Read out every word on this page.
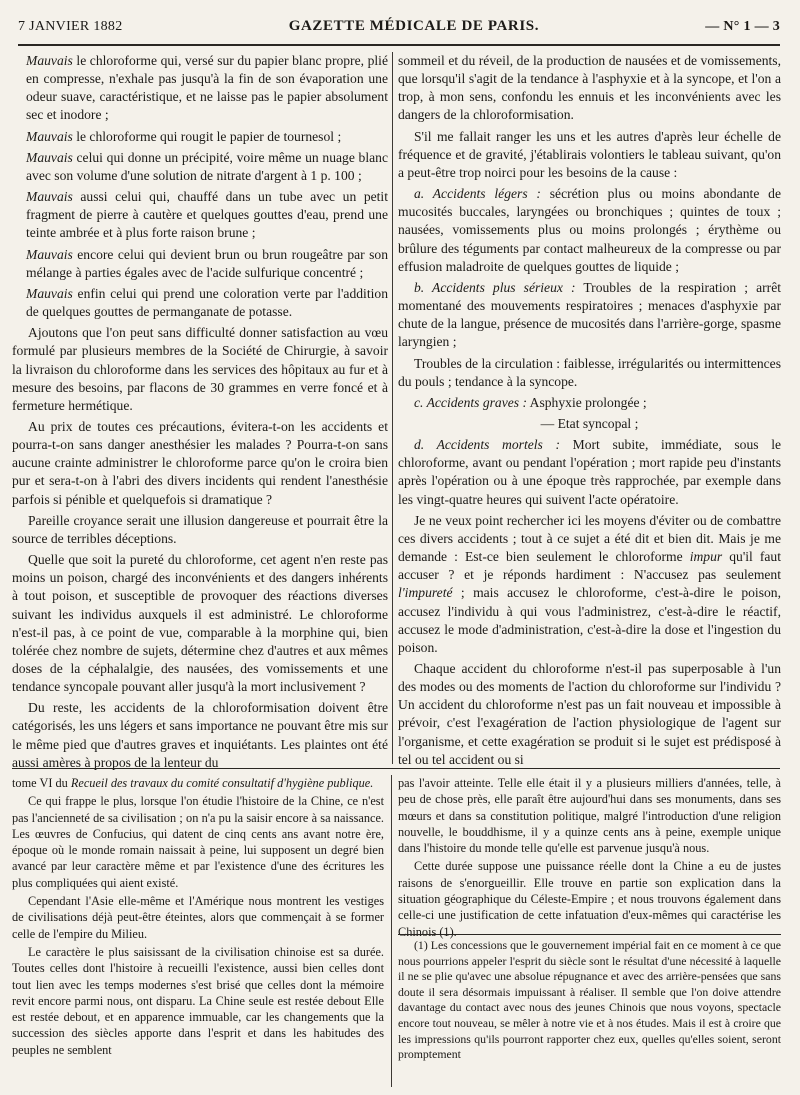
7 JANVIER 1882	GAZETTE MÉDICALE DE PARIS.	— N° 1 — 3

Mauvais le chloroforme qui, versé sur du papier blanc propre, plié en compresse, n'exhale pas jusqu'à la fin de son évaporation une odeur suave, caractéristique, et ne laisse pas le papier absolument sec et inodore ;

Mauvais le chloroforme qui rougit le papier de tournesol ;

Mauvais celui qui donne un précipité, voire même un nuage blanc avec son volume d'une solution de nitrate d'argent à 1 p. 100 ;

Mauvais aussi celui qui, chauffé dans un tube avec un petit fragment de pierre à cautère et quelques gouttes d'eau, prend une teinte ambrée et à plus forte raison brune ;

Mauvais encore celui qui devient brun ou brun rougeâtre par son mélange à parties égales avec de l'acide sulfurique concentré ;

Mauvais enfin celui qui prend une coloration verte par l'addition de quelques gouttes de permanganate de potasse.

Ajoutons que l'on peut sans difficulté donner satisfaction au vœu formulé par plusieurs membres de la Société de Chirurgie, à savoir la livraison du chloroforme dans les services des hôpitaux au fur et à mesure des besoins, par flacons de 30 grammes en verre foncé et à fermeture hermétique.

Au prix de toutes ces précautions, évitera-t-on les accidents et pourra-t-on sans danger anesthésier les malades ? Pourra-t-on sans aucune crainte administrer le chloroforme parce qu'on le croira bien pur et sera-t-on à l'abri des divers incidents qui rendent l'anesthésie parfois si pénible et quelquefois si dramatique ?

Pareille croyance serait une illusion dangereuse et pourrait être la source de terribles déceptions.

Quelle que soit la pureté du chloroforme, cet agent n'en reste pas moins un poison, chargé des inconvénients et des dangers inhérents à tout poison, et susceptible de provoquer des réactions diverses suivant les individus auxquels il est administré. Le chloroforme n'est-il pas, à ce point de vue, comparable à la morphine qui, bien tolérée chez nombre de sujets, détermine chez d'autres et aux mêmes doses de la céphalalgie, des nausées, des vomissements et une tendance syncopale pouvant aller jusqu'à la mort inclusivement ?

Du reste, les accidents de la chloroformisation doivent être catégorisés, les uns légers et sans importance ne pouvant être mis sur le même pied que d'autres graves et inquiétants. Les plaintes ont été aussi amères à propos de la lenteur du

sommeil et du réveil, de la production de nausées et de vomissements, que lorsqu'il s'agit de la tendance à l'asphyxie et à la syncope, et l'on a trop, à mon sens, confondu les ennuis et les inconvénients avec les dangers de la chloroformisation.

S'il me fallait ranger les uns et les autres d'après leur échelle de fréquence et de gravité, j'établirais volontiers le tableau suivant, qu'on a peut-être trop noirci pour les besoins de la cause :

a. Accidents légers : sécrétion plus ou moins abondante de mucosités buccales, laryngées ou bronchiques ; quintes de toux ; nausées, vomissements plus ou moins prolongés ; érythème ou brûlure des téguments par contact malheureux de la compresse ou par effusion maladroite de quelques gouttes de liquide ;

b. Accidents plus sérieux : Troubles de la respiration ; arrêt momentané des mouvements respiratoires ; menaces d'asphyxie par chute de la langue, présence de mucosités dans l'arrière-gorge, spasme laryngien ;

Troubles de la circulation : faiblesse, irrégularités ou intermittences du pouls ; tendance à la syncope.

c. Accidents graves : Asphyxie prolongée ;

— Etat syncopal ;

d. Accidents mortels : Mort subite, immédiate, sous le chloroforme, avant ou pendant l'opération ; mort rapide peu d'instants après l'opération ou à une époque très rapprochée, par exemple dans les vingt-quatre heures qui suivent l'acte opératoire.

Je ne veux point rechercher ici les moyens d'éviter ou de combattre ces divers accidents ; tout à ce sujet a été dit et bien dit. Mais je me demande : Est-ce bien seulement le chloroforme impur qu'il faut accuser ? et je réponds hardiment : N'accusez pas seulement l'impureté ; mais accusez le chloroforme, c'est-à-dire le poison, accusez l'individu à qui vous l'administrez, c'est-à-dire le réactif, accusez le mode d'administration, c'est-à-dire la dose et l'ingestion du poison.

Chaque accident du chloroforme n'est-il pas superposable à l'un des modes ou des moments de l'action du chloroforme sur l'individu ? Un accident du chloroforme n'est pas un fait nouveau et impossible à prévoir, c'est l'exagération de l'action physiologique de l'agent sur l'organisme, et cette exagération se produit si le sujet est prédisposé à tel ou tel accident ou si

tome VI du Recueil des travaux du comité consultatif d'hygiène publique.

Ce qui frappe le plus, lorsque l'on étudie l'histoire de la Chine, ce n'est pas l'ancienneté de sa civilisation ; on n'a pu la saisir encore à sa naissance. Les œuvres de Confucius, qui datent de cinq cents ans avant notre ère, époque où le monde romain naissait à peine, lui supposent un degré bien avancé par leur caractère même et par l'existence d'une des écritures les plus compliquées qui aient existé.

Cependant l'Asie elle-même et l'Amérique nous montrent les vestiges de civilisations déjà peut-être éteintes, alors que commençait à se former celle de l'empire du Milieu.

Le caractère le plus saisissant de la civilisation chinoise est sa durée. Toutes celles dont l'histoire à recueilli l'existence, aussi bien celles dont tout lien avec les temps modernes s'est brisé que celles dont la mémoire revit encore parmi nous, ont disparu. La Chine seule est restée debout Elle est restée debout, et en apparence immuable, car les changements que la succession des siècles apporte dans l'esprit et dans les habitudes des peuples ne semblent

pas l'avoir atteinte. Telle elle était il y a plusieurs milliers d'années, telle, à peu de chose près, elle paraît être aujourd'hui dans ses monuments, dans ses mœurs et dans sa constitution politique, malgré l'introduction d'une religion nouvelle, le bouddhisme, il y a quinze cents ans à peine, exemple unique dans l'histoire du monde telle qu'elle est parvenue jusqu'à nous.

Cette durée suppose une puissance réelle dont la Chine a eu de justes raisons de s'enorgueillir. Elle trouve en partie son explication dans la situation géographique du Céleste-Empire ; et nous trouvons également dans celle-ci une justification de cette infatuation d'eux-mêmes qui caractérise les Chinois (1).

(1) Les concessions que le gouvernement impérial fait en ce moment à ce que nous pourrions appeler l'esprit du siècle sont le résultat d'une nécessité à laquelle il ne se plie qu'avec une absolue répugnance et avec des arrière-pensées que sans doute il sera désormais impuissant à réaliser. Il semble que l'on doive attendre davantage du contact avec nous des jeunes Chinois que nous voyons, spectacle encore tout nouveau, se mêler à notre vie et à nos études. Mais il est à croire que les impressions qu'ils pourront rapporter chez eux, quelles qu'elles soient, seront promptement
